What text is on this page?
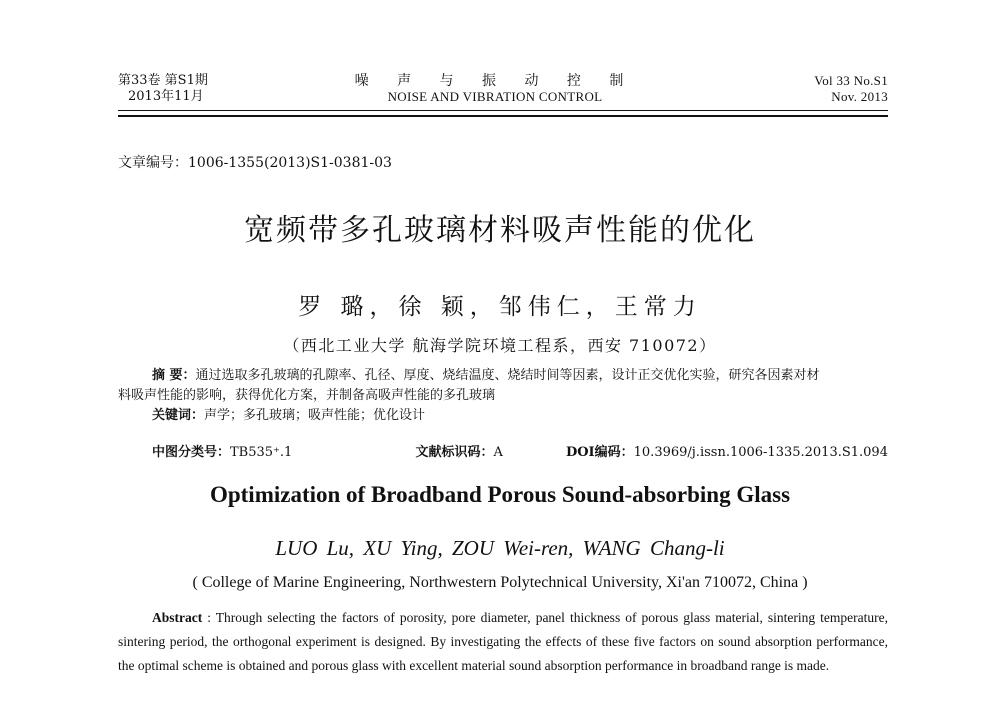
第33卷 第S1期
2013年11月
噪 声 与 振 动 控 制
NOISE AND VIBRATION CONTROL
Vol 33 No.S1
Nov. 2013
文章编号：1006-1355(2013)S1-0381-03
宽频带多孔玻璃材料吸声性能的优化
罗 璐，徐 颖，邹伟仁，王常力
（西北工业大学 航海学院环境工程系，西安 710072）

摘 要：通过选取多孔玻璃的孔隙率、孔径、厚度、烧结温度、烧结时间等因素，设计正交优化实验，研究各因素对材

料吸声性能的影响，获得优化方案，并制备高吸声性能的多孔玻璃

关键词：声学；多孔玻璃；吸声性能；优化设计

中图分类号：TB535⁺.1	文献标识码：A	DOI编码：10.3969/j.issn.1006-1335.2013.S1.094
Optimization of Broadband Porous Sound-absorbing Glass
LUO Lu, XU Ying, ZOU Wei-ren, WANG Chang-li
( College of Marine Engineering, Northwestern Polytechnical University, Xi'an 710072, China )
Abstract : Through selecting the factors of porosity, pore diameter, panel thickness of porous glass material, sintering temperature, sintering period, the orthogonal experiment is designed. By investigating the effects of these five factors on sound absorption performance, the optimal scheme is obtained and porous glass with excellent material sound absorption performance in broadband range is made.
